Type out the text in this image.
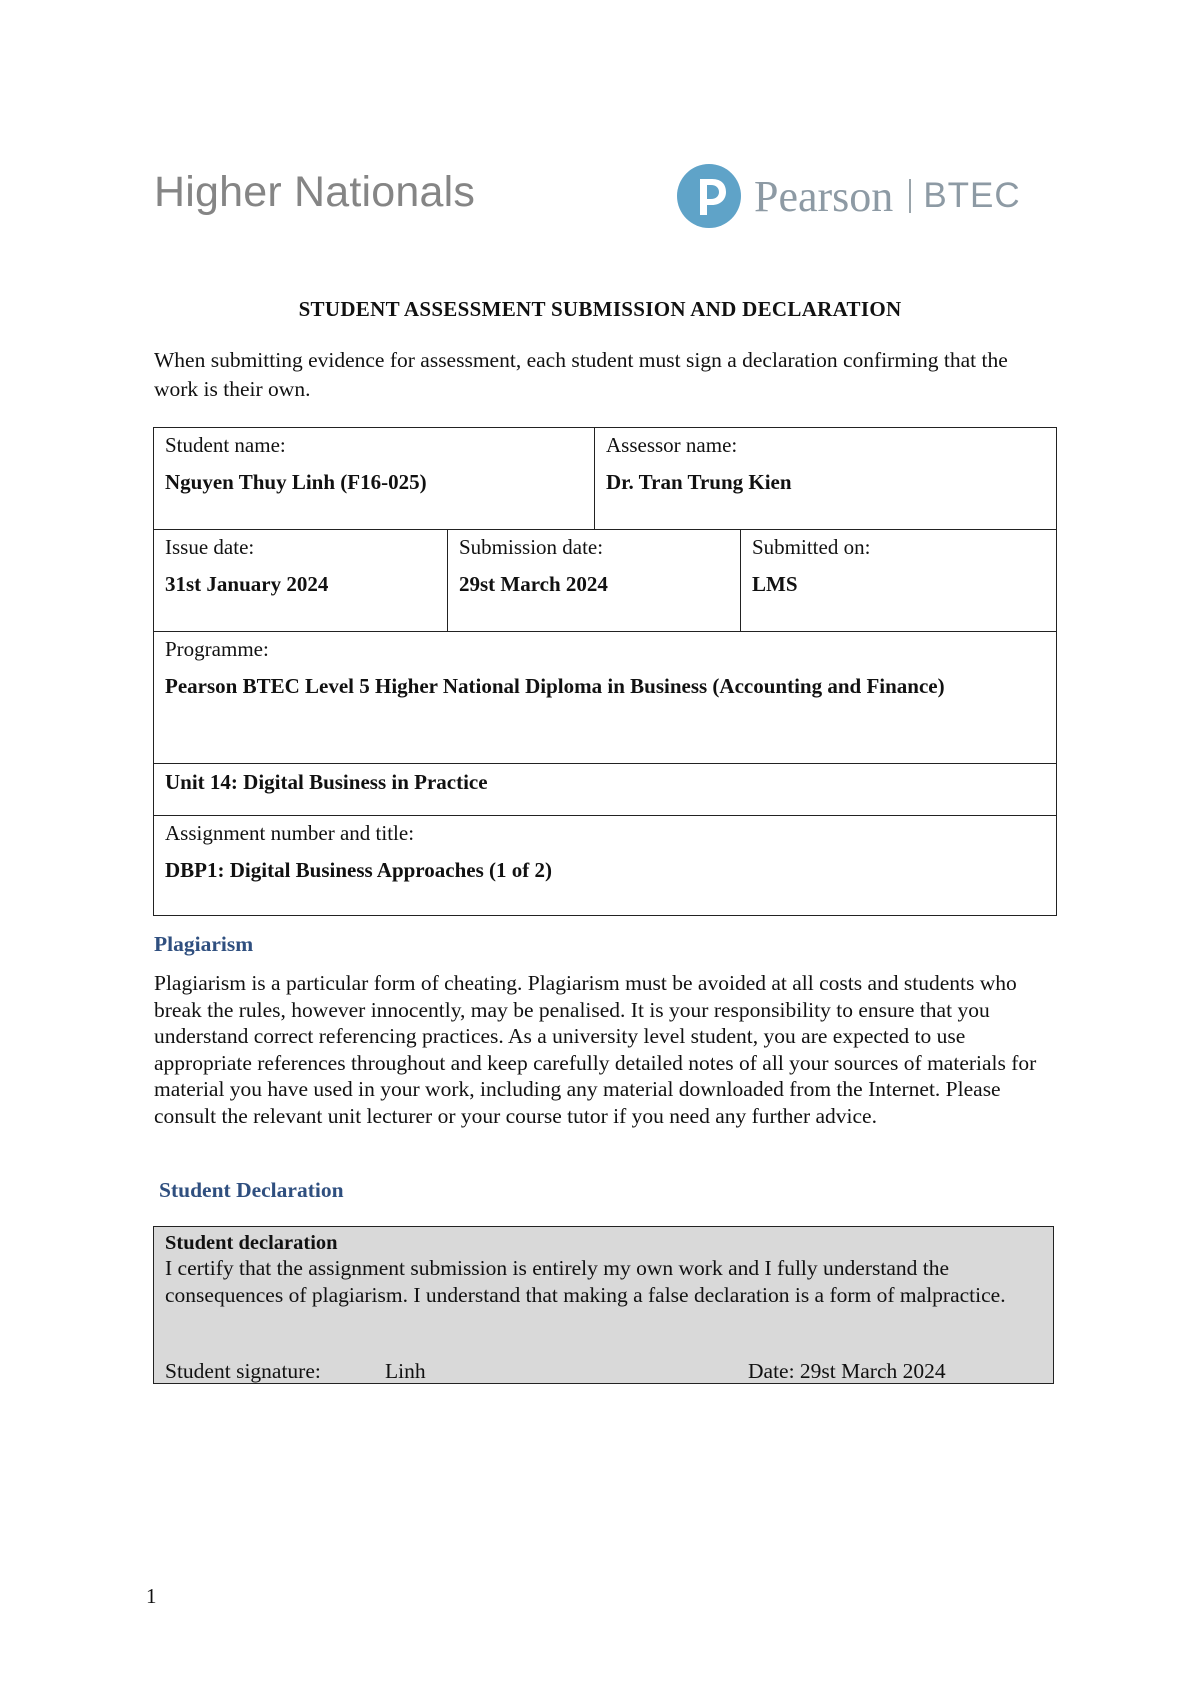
Higher Nationals	Pearson BTEC
STUDENT ASSESSMENT SUBMISSION AND DECLARATION
When submitting evidence for assessment, each student must sign a declaration confirming that the work is their own.
Student name:
Nguyen Thuy Linh (F16-025)		Assessor name:
Dr. Tran Trung Kien	

Issue date:
31st January 2024	Submission date:
29st March 2024		Submitted on:
LMS

Programme:
Pearson BTEC Level 5 Higher National Diploma in Business (Accounting and Finance)			

Unit 14: Digital Business in Practice			

Assignment number and title:
DBP1: Digital Business Approaches (1 of 2)			
Plagiarism
Plagiarism is a particular form of cheating. Plagiarism must be avoided at all costs and students who break the rules, however innocently, may be penalised. It is your responsibility to ensure that you understand correct referencing practices. As a university level student, you are expected to use appropriate references throughout and keep carefully detailed notes of all your sources of materials for material you have used in your work, including any material downloaded from the Internet. Please consult the relevant unit lecturer or your course tutor if you need any further advice.
Student Declaration
Student declaration
I certify that the assignment submission is entirely my own work and I fully understand the consequences of plagiarism. I understand that making a false declaration is a form of malpractice.
Student signature:	Linh	Date: 29st March 2024
1
